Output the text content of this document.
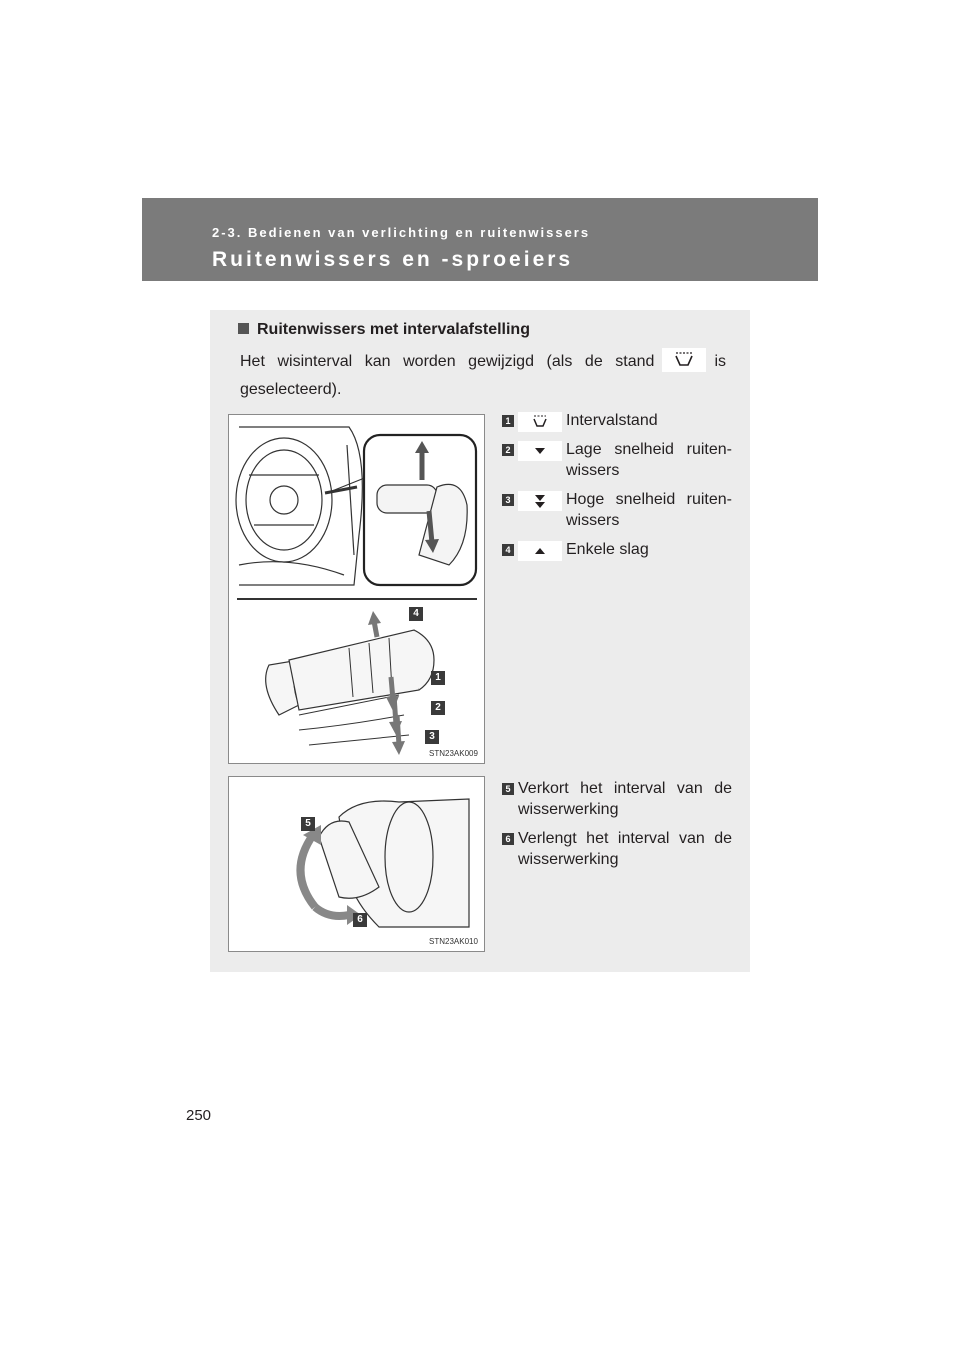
2-3. Bedienen van verlichting en ruitenwissers
Ruitenwissers en -sproeiers
Ruitenwissers met intervalafstelling
Het wisinterval kan worden gewijzigd (als de stand	is geselecteerd).
STN23AK009
4
1
2
3
STN23AK010
5
6
1	Intervalstand
2	Lage snelheid ruiten-wissers
3	Hoge snelheid ruiten-wissers
4	Enkele slag
5 Verkort het interval van de wisserwerking
6 Verlengt het interval van de wisserwerking
250
